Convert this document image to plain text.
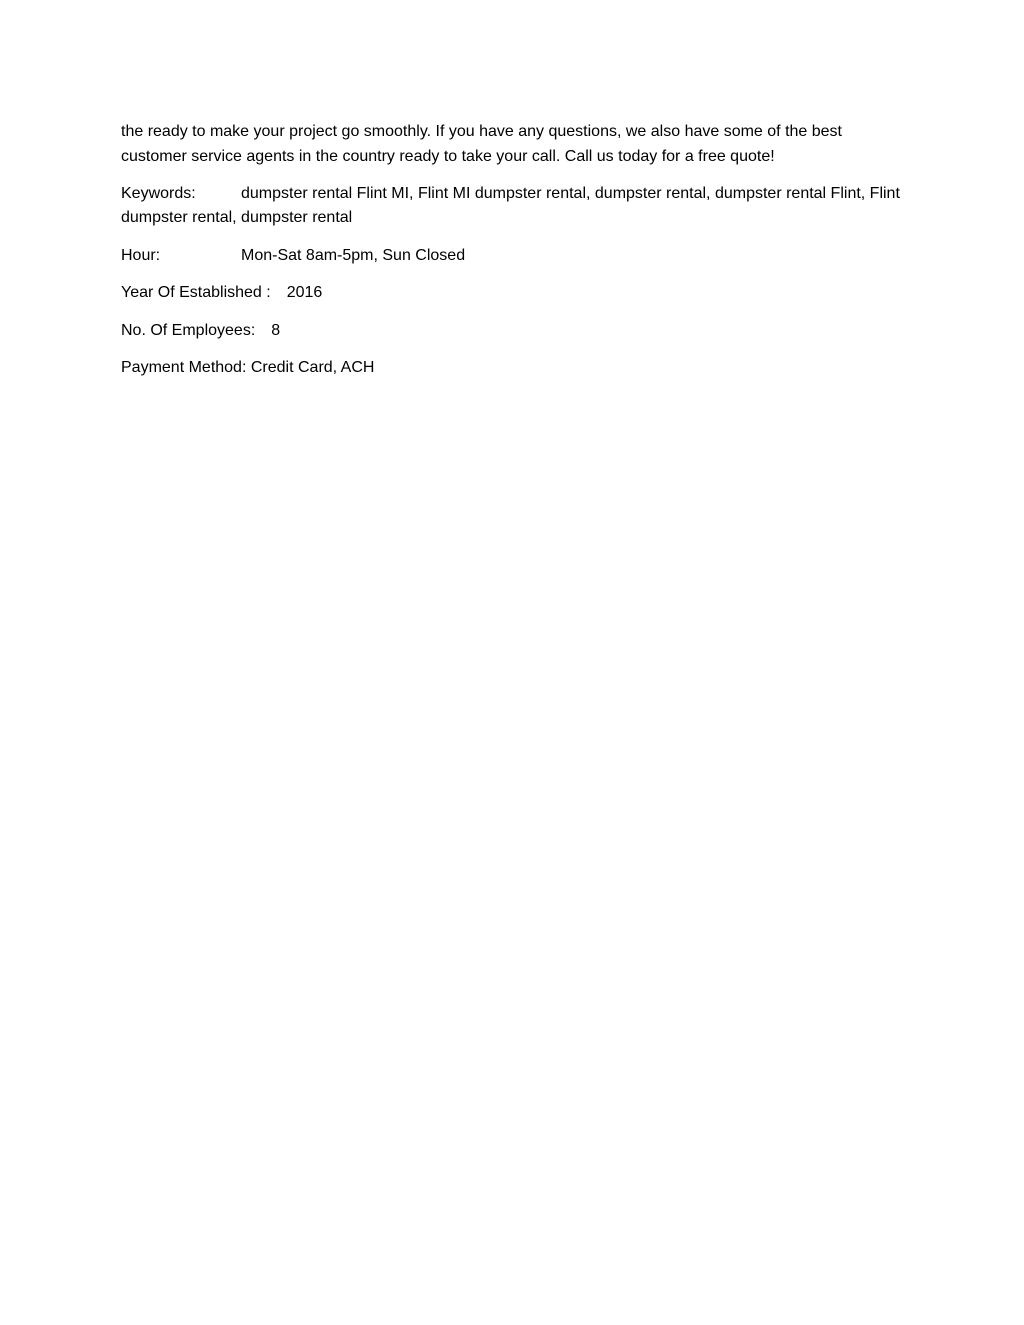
the ready to make your project go smoothly. If you have any questions, we also have some of the best customer service agents in the country ready to take your call. Call us today for a free quote!

Keywords:	dumpster rental Flint MI, Flint MI dumpster rental, dumpster rental, dumpster rental Flint, Flint dumpster rental, dumpster rental

Hour:	Mon-Sat 8am-5pm, Sun Closed

Year Of Established : 2016

No. Of Employees: 8

Payment Method: Credit Card, ACH
